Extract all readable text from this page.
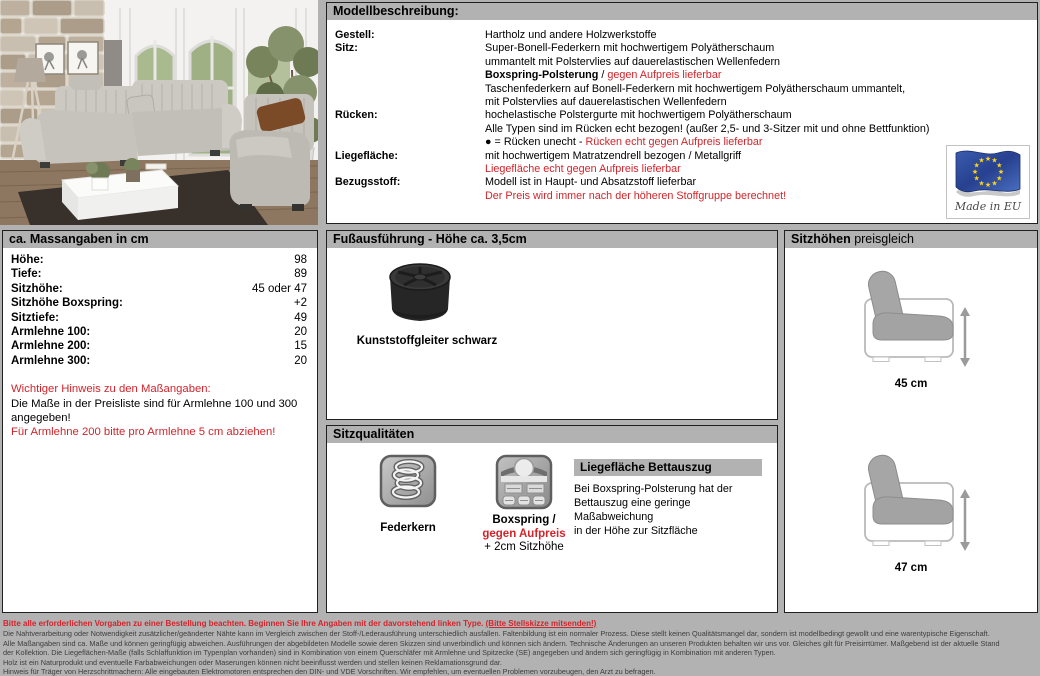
Modellbeschreibung:
Gestell:	Hartholz und andere Holzwerkstoffe
Sitz:	Super-Bonell-Federkern mit hochwertigem Polyätherschaum
ummantelt mit Polstervlies auf dauerelastischen Wellenfedern
Boxspring-Polsterung / gegen Aufpreis lieferbar
Taschenfederkern auf Bonell-Federkern mit hochwertigem Polyätherschaum ummantelt,
mit Polstervlies auf dauerelastischen Wellenfedern
Rücken:	hochelastische Polstergurte mit hochwertigem Polyätherschaum
Alle Typen sind im Rücken echt bezogen! (außer 2,5- und 3-Sitzer mit und ohne Bettfunktion)
● = Rücken unecht - Rücken echt gegen Aufpreis lieferbar
Liegefläche:	mit hochwertigem Matratzendrell bezogen / Metallgriff
Liegefläche echt gegen Aufpreis lieferbar
Bezugsstoff:	Modell ist in Haupt- und Absatzstoff lieferbar
Der Preis wird immer nach der höheren Stoffgruppe berechnet!
★ ★
★
★
★
★
★
★
★
★
★
★
Made in EU
ca. Massangaben in cm
Höhe:	98
Tiefe:	89
Sitzhöhe:	45 oder 47
Sitzhöhe Boxspring:	+2
Sitztiefe:	49
Armlehne 100:	20
Armlehne 200:	15
Armlehne 300:	20
Wichtiger Hinweis zu den Maßangaben:
Die Maße in der Preisliste sind für Armlehne 100 und 300 angegeben!
Für Armlehne 200 bitte pro Armlehne 5 cm abziehen!
Fußausführung - Höhe ca. 3,5cm
Kunststoffgleiter schwarz
Sitzqualitäten
Federkern
Boxspring /
gegen Aufpreis
+ 2cm Sitzhöhe
Liegefläche Bettauszug
Bei Boxspring-Polsterung hat der
Bettauszug eine geringe Maßabweichung
in der Höhe zur Sitzfläche
Sitzhöhen preisgleich
45 cm
47 cm
Bitte alle erforderlichen Vorgaben zu einer Bestellung beachten. Beginnen Sie Ihre Angaben mit der davorstehend linken Type. (Bitte Stellskizze mitsenden!)
Die Nahtverarbeitung oder Notwendigkeit zusätzlicher/geänderter Nähte kann im Vergleich zwischen der Stoff-/Lederausführung unterschiedlich ausfallen. Faltenbildung ist ein normaler Prozess. Diese stellt keinen Qualitätsmangel dar, sondern ist modellbedingt gewollt und eine warentypische Eigenschaft.
Alle Maßangaben sind ca. Maße und können geringfügig abweichen. Ausführungen der abgebildeten Modelle sowie deren Skizzen sind unverbindlich und können sich ändern. Technische Änderungen an unseren Produkten behalten wir uns vor. Gleiches gilt für Preisirrtümer. Maßgebend ist der aktuelle Stand
der Kollektion. Die Liegeflächen-Maße (falls Schlaffunktion im Typenplan vorhanden) sind in Kombination von einem Querschläfer mit Armlehne und Spitzecke (SE) angegeben und ändern sich geringfügig in Kombination mit anderen Typen.
Holz ist ein Naturprodukt und eventuelle Farbabweichungen oder Maserungen können nicht beeinflusst werden und stellen keinen Reklamationsgrund dar.
Hinweis für Träger von Herzschrittmachern: Alle eingebauten Elektromotoren entsprechen den DIN- und VDE Vorschriften. Wir empfehlen, um eventuellen Problemen vorzubeugen, den Arzt zu befragen.
